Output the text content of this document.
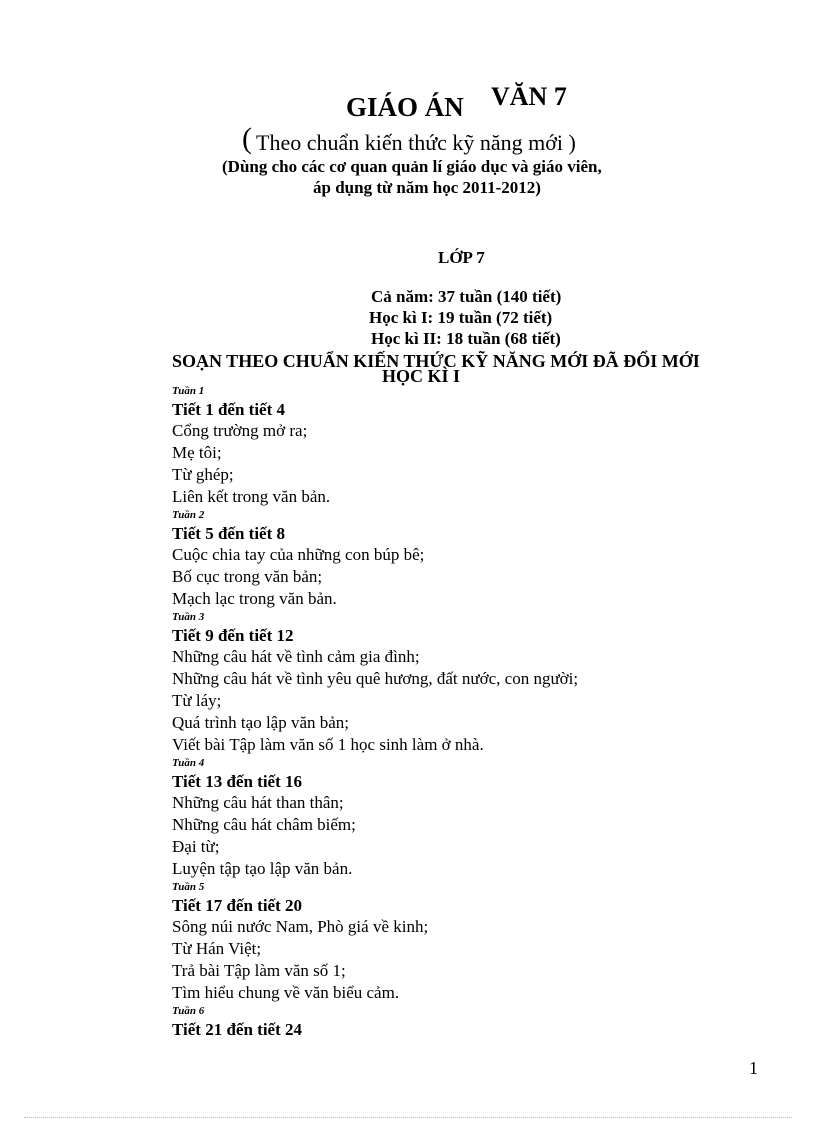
GIÁO ÁN VĂN 7
( Theo chuẩn kiến thức kỹ năng mới )
(Dùng cho các cơ quan quản lí giáo dục và giáo viên,
áp dụng từ năm học 2011-2012)
LỚP 7
Cả năm: 37 tuần (140 tiết)
Học kì I: 19 tuần (72 tiết)
Học kì II: 18 tuần (68 tiết)
SOẠN THEO CHUẨN KIẾN THỨC KỸ NĂNG MỚI ĐÃ ĐỔI MỚI
HỌC KÌ I
Tuần 1
Tiết 1 đến tiết 4
Cổng trường mở ra;
Mẹ tôi;
Từ ghép;
Liên kết trong văn bản.
Tuần 2
Tiết 5 đến tiết 8
Cuộc chia tay của những con búp bê;
Bố cục trong văn bản;
Mạch lạc trong văn bản.
Tuần 3
Tiết 9 đến tiết 12
Những câu hát về tình cảm gia đình;
Những câu hát về tình yêu quê hương, đất nước, con người;
Từ láy;
Quá trình tạo lập văn bản;
Viết bài Tập làm văn số 1 học sinh làm ở nhà.
Tuần 4
Tiết 13 đến tiết 16
Những câu hát than thân;
Những câu hát châm biếm;
Đại từ;
Luyện tập tạo lập văn bản.
Tuần 5
Tiết 17 đến tiết 20
Sông núi nước Nam, Phò giá về kinh;
Từ Hán Việt;
Trả bài Tập làm văn số 1;
Tìm hiểu chung về văn biểu cảm.
Tuần 6
Tiết 21 đến tiết 24
1
